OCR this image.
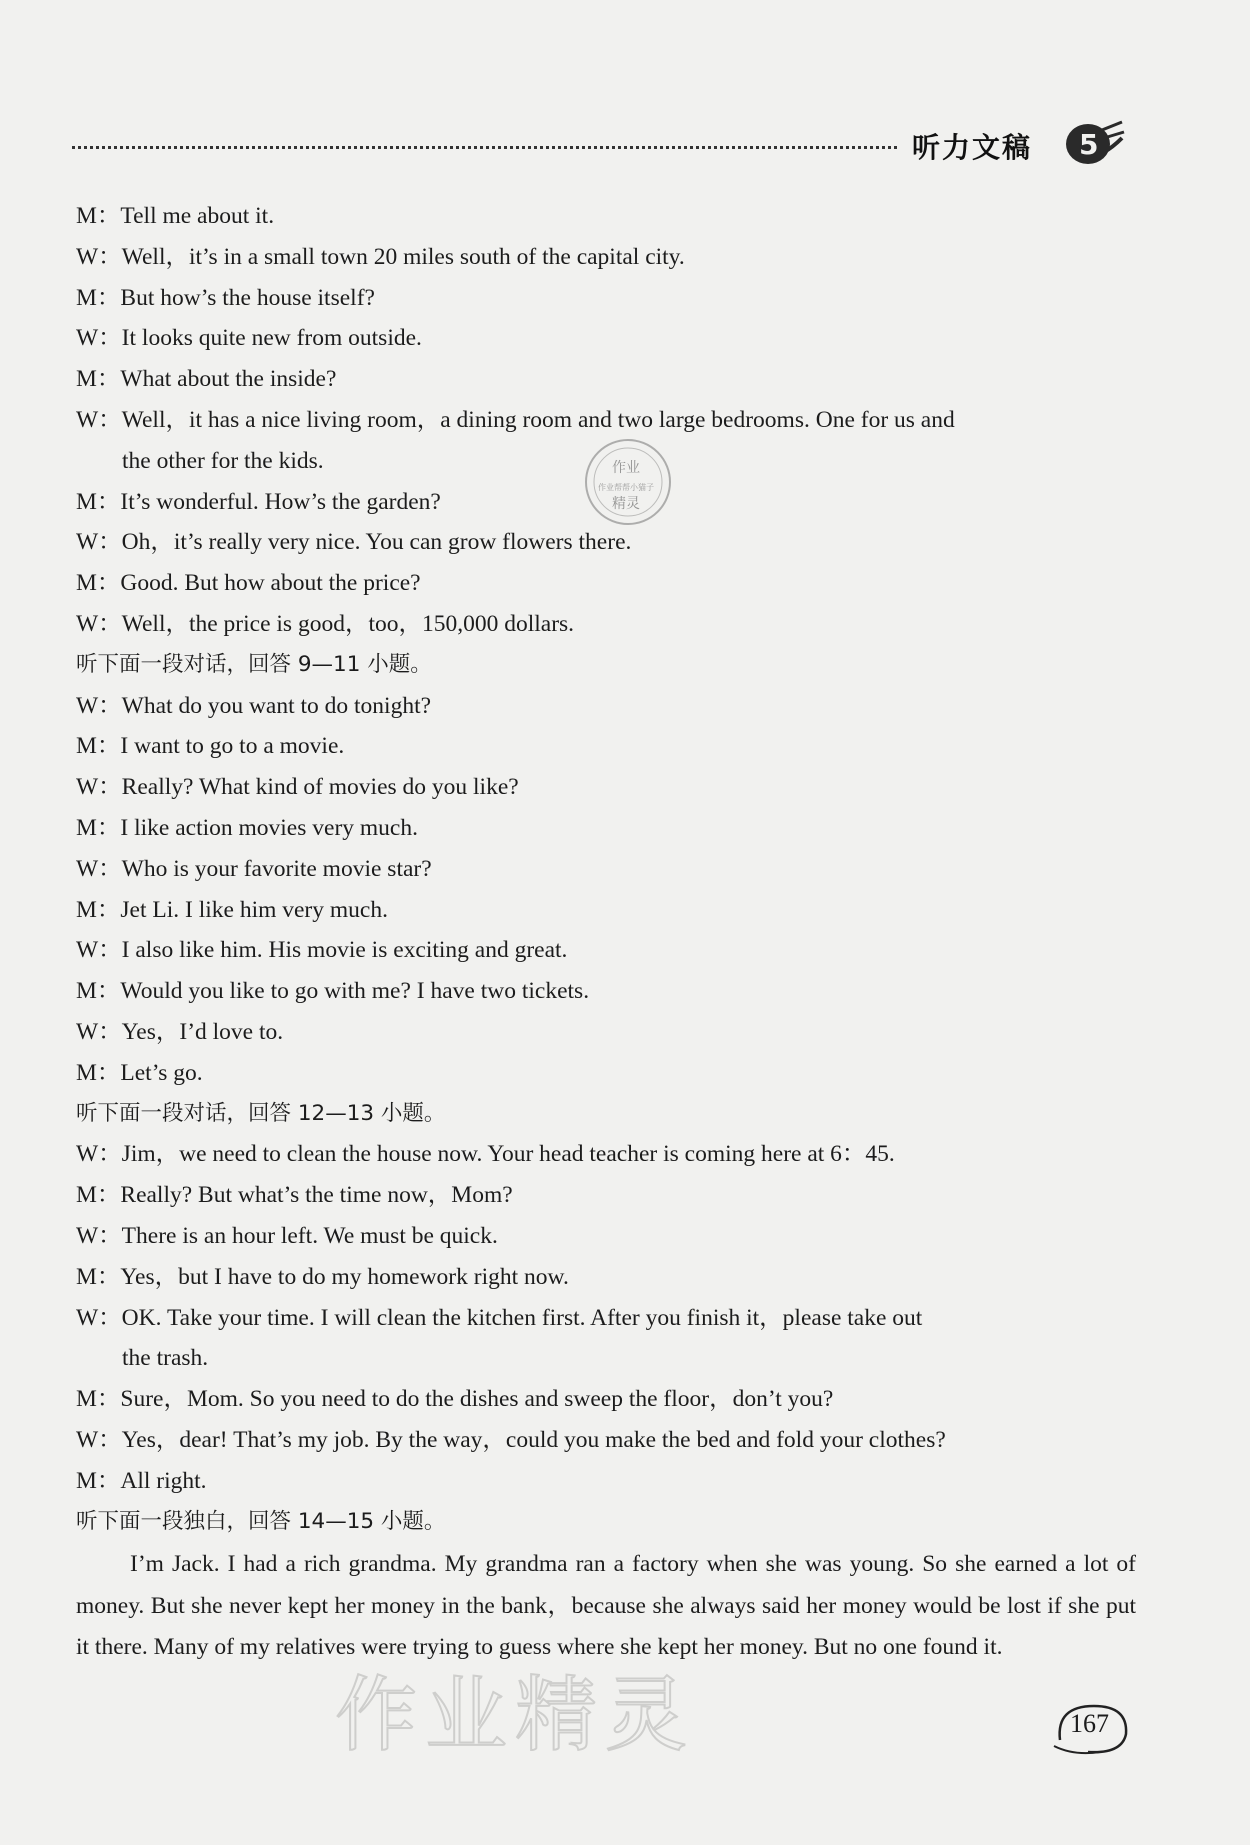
听力文稿 5
M：Tell me about it.
W：Well，it’s in a small town 20 miles south of the capital city.
M：But how’s the house itself?
W：It looks quite new from outside.
M：What about the inside?
W：Well，it has a nice living room，a dining room and two large bedrooms. One for us and
the other for the kids.
M：It’s wonderful. How’s the garden?
W：Oh，it’s really very nice. You can grow flowers there.
M：Good. But how about the price?
W：Well，the price is good，too，150,000 dollars.
听下面一段对话，回答 9—11 小题。
W：What do you want to do tonight?
M：I want to go to a movie.
W：Really? What kind of movies do you like?
M：I like action movies very much.
W：Who is your favorite movie star?
M：Jet Li. I like him very much.
W：I also like him. His movie is exciting and great.
M：Would you like to go with me? I have two tickets.
W：Yes，I’d love to.
M：Let’s go.
听下面一段对话，回答 12—13 小题。
W：Jim，we need to clean the house now. Your head teacher is coming here at 6：45.
M：Really? But what’s the time now，Mom?
W：There is an hour left. We must be quick.
M：Yes，but I have to do my homework right now.
W：OK. Take your time. I will clean the kitchen first. After you finish it，please take out
the trash.
M：Sure，Mom. So you need to do the dishes and sweep the floor，don’t you?
W：Yes，dear! That’s my job. By the way，could you make the bed and fold your clothes?
M：All right.
听下面一段独白，回答 14—15 小题。
I’m Jack. I had a rich grandma. My grandma ran a factory when she was young. So she earned a lot of money. But she never kept her money in the bank，because she always said her money would be lost if she put it there. Many of my relatives were trying to guess where she kept her money. But no one found it.
作业
作业帮帮小猫子
精灵
作业精灵	167
